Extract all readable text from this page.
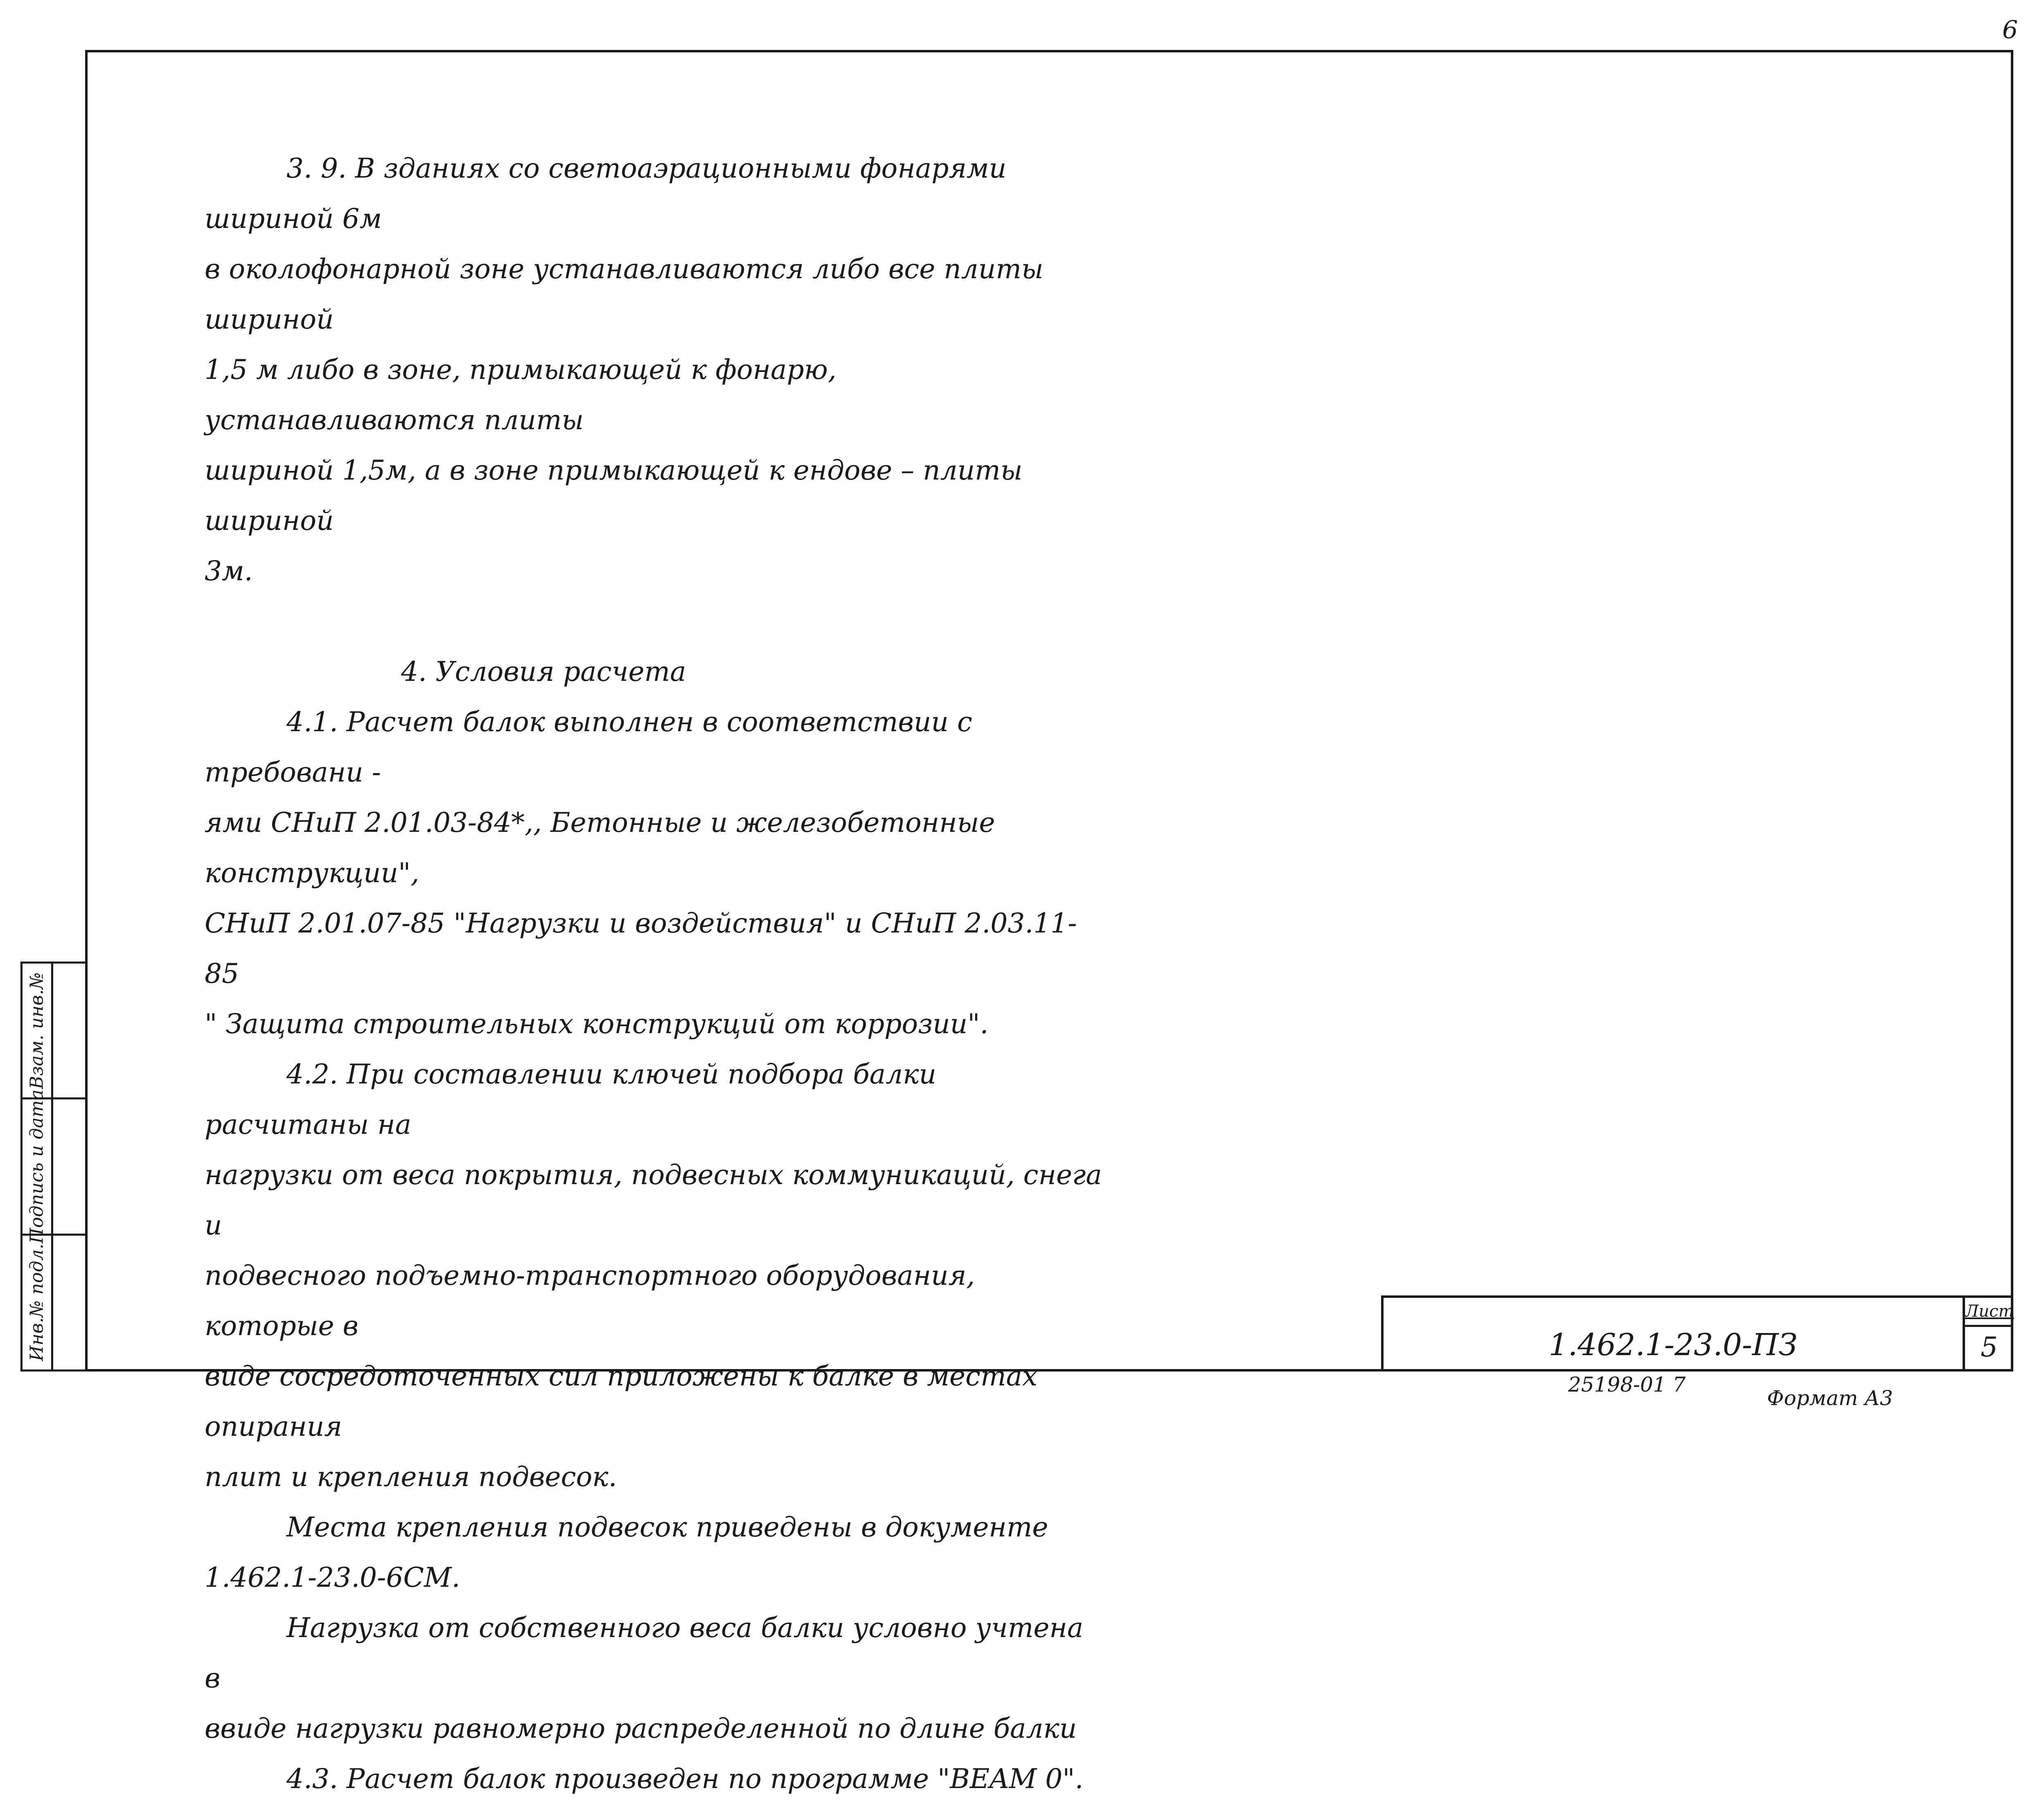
6

3. 9. В зданиях со светоаэрационными фонарями шириной 6м
в околофонарной зоне устанавливаются либо все плиты шириной
1,5 м либо в зоне, примыкающей к фонарю, устанавливаются плиты
шириной 1,5м, а в зоне примыкающей к ендове – плиты шириной
3м.

4. Условия расчета

4.1. Расчет балок выполнен в соответствии с требовани -
ями СНиП 2.01.03-84*,, Бетонные и железобетонные конструкции",
СНиП 2.01.07-85 "Нагрузки и воздействия" и СНиП 2.03.11-85
" Защита строительных конструкций от коррозии".

4.2. При составлении ключей подбора балки расчитаны на
нагрузки от веса покрытия, подвесных коммуникаций, снега и
подвесного подъемно-транспортного оборудования, которые в
виде сосредоточенных сил приложены к балке в местах опирания
плит и крепления подвесок.

Места крепления подвесок приведены в документе
1.462.1-23.0-6СМ.

Нагрузка от собственного веса балки условно учтена в
ввиде нагрузки равномерно распределенной по длине балки

4.3. Расчет балок произведен по программе "BEAM 0".

Взам. инв.№
Подпись и дата
Инв.№ подл.	1.462.1-23.0-ПЗ
Лист
5
25198-01 7
Формат А3
